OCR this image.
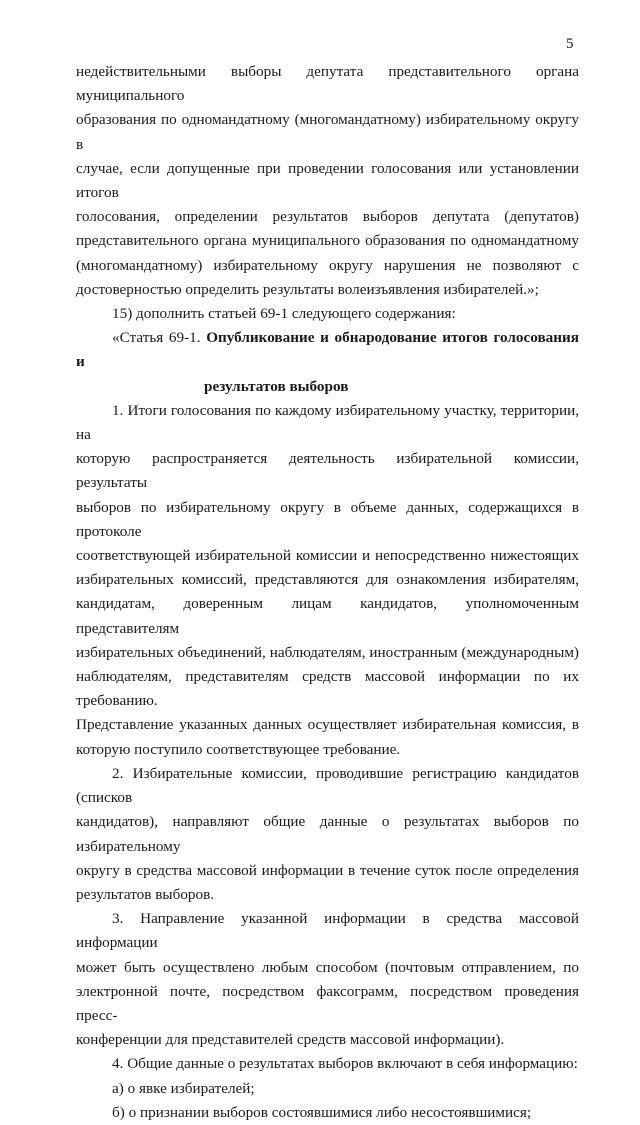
5

недействительными выборы депутата представительного органа муниципального

образования по одномандатному (многомандатному) избирательному округу в

случае, если допущенные при проведении голосования или установлении итогов

голосования, определении результатов выборов депутата (депутатов)

представительного органа муниципального образования по одномандатному

(многомандатному) избирательному округу нарушения не позволяют с

достоверностью определить результаты волеизъявления избирателей.»;

15) дополнить статьей 69-1 следующего содержания:

«Статья 69-1. Опубликование и обнародование итогов голосования и

результатов выборов

1. Итоги голосования по каждому избирательному участку, территории, на

которую распространяется деятельность избирательной комиссии, результаты

выборов по избирательному округу в объеме данных, содержащихся в протоколе

соответствующей избирательной комиссии и непосредственно нижестоящих

избирательных комиссий, представляются для ознакомления избирателям,

кандидатам, доверенным лицам кандидатов, уполномоченным представителям

избирательных объединений, наблюдателям, иностранным (международным)

наблюдателям, представителям средств массовой информации по их требованию.

Представление указанных данных осуществляет избирательная комиссия, в

которую поступило соответствующее требование.

2. Избирательные комиссии, проводившие регистрацию кандидатов (списков

кандидатов), направляют общие данные о результатах выборов по избирательному

округу в средства массовой информации в течение суток после определения

результатов выборов.

3. Направление указанной информации в средства массовой информации

может быть осуществлено любым способом (почтовым отправлением, по

электронной почте, посредством факсограмм, посредством проведения пресс-

конференции для представителей средств массовой информации).

4. Общие данные о результатах выборов включают в себя информацию:

а) о явке избирателей;

б) о признании выборов состоявшимися либо несостоявшимися;
